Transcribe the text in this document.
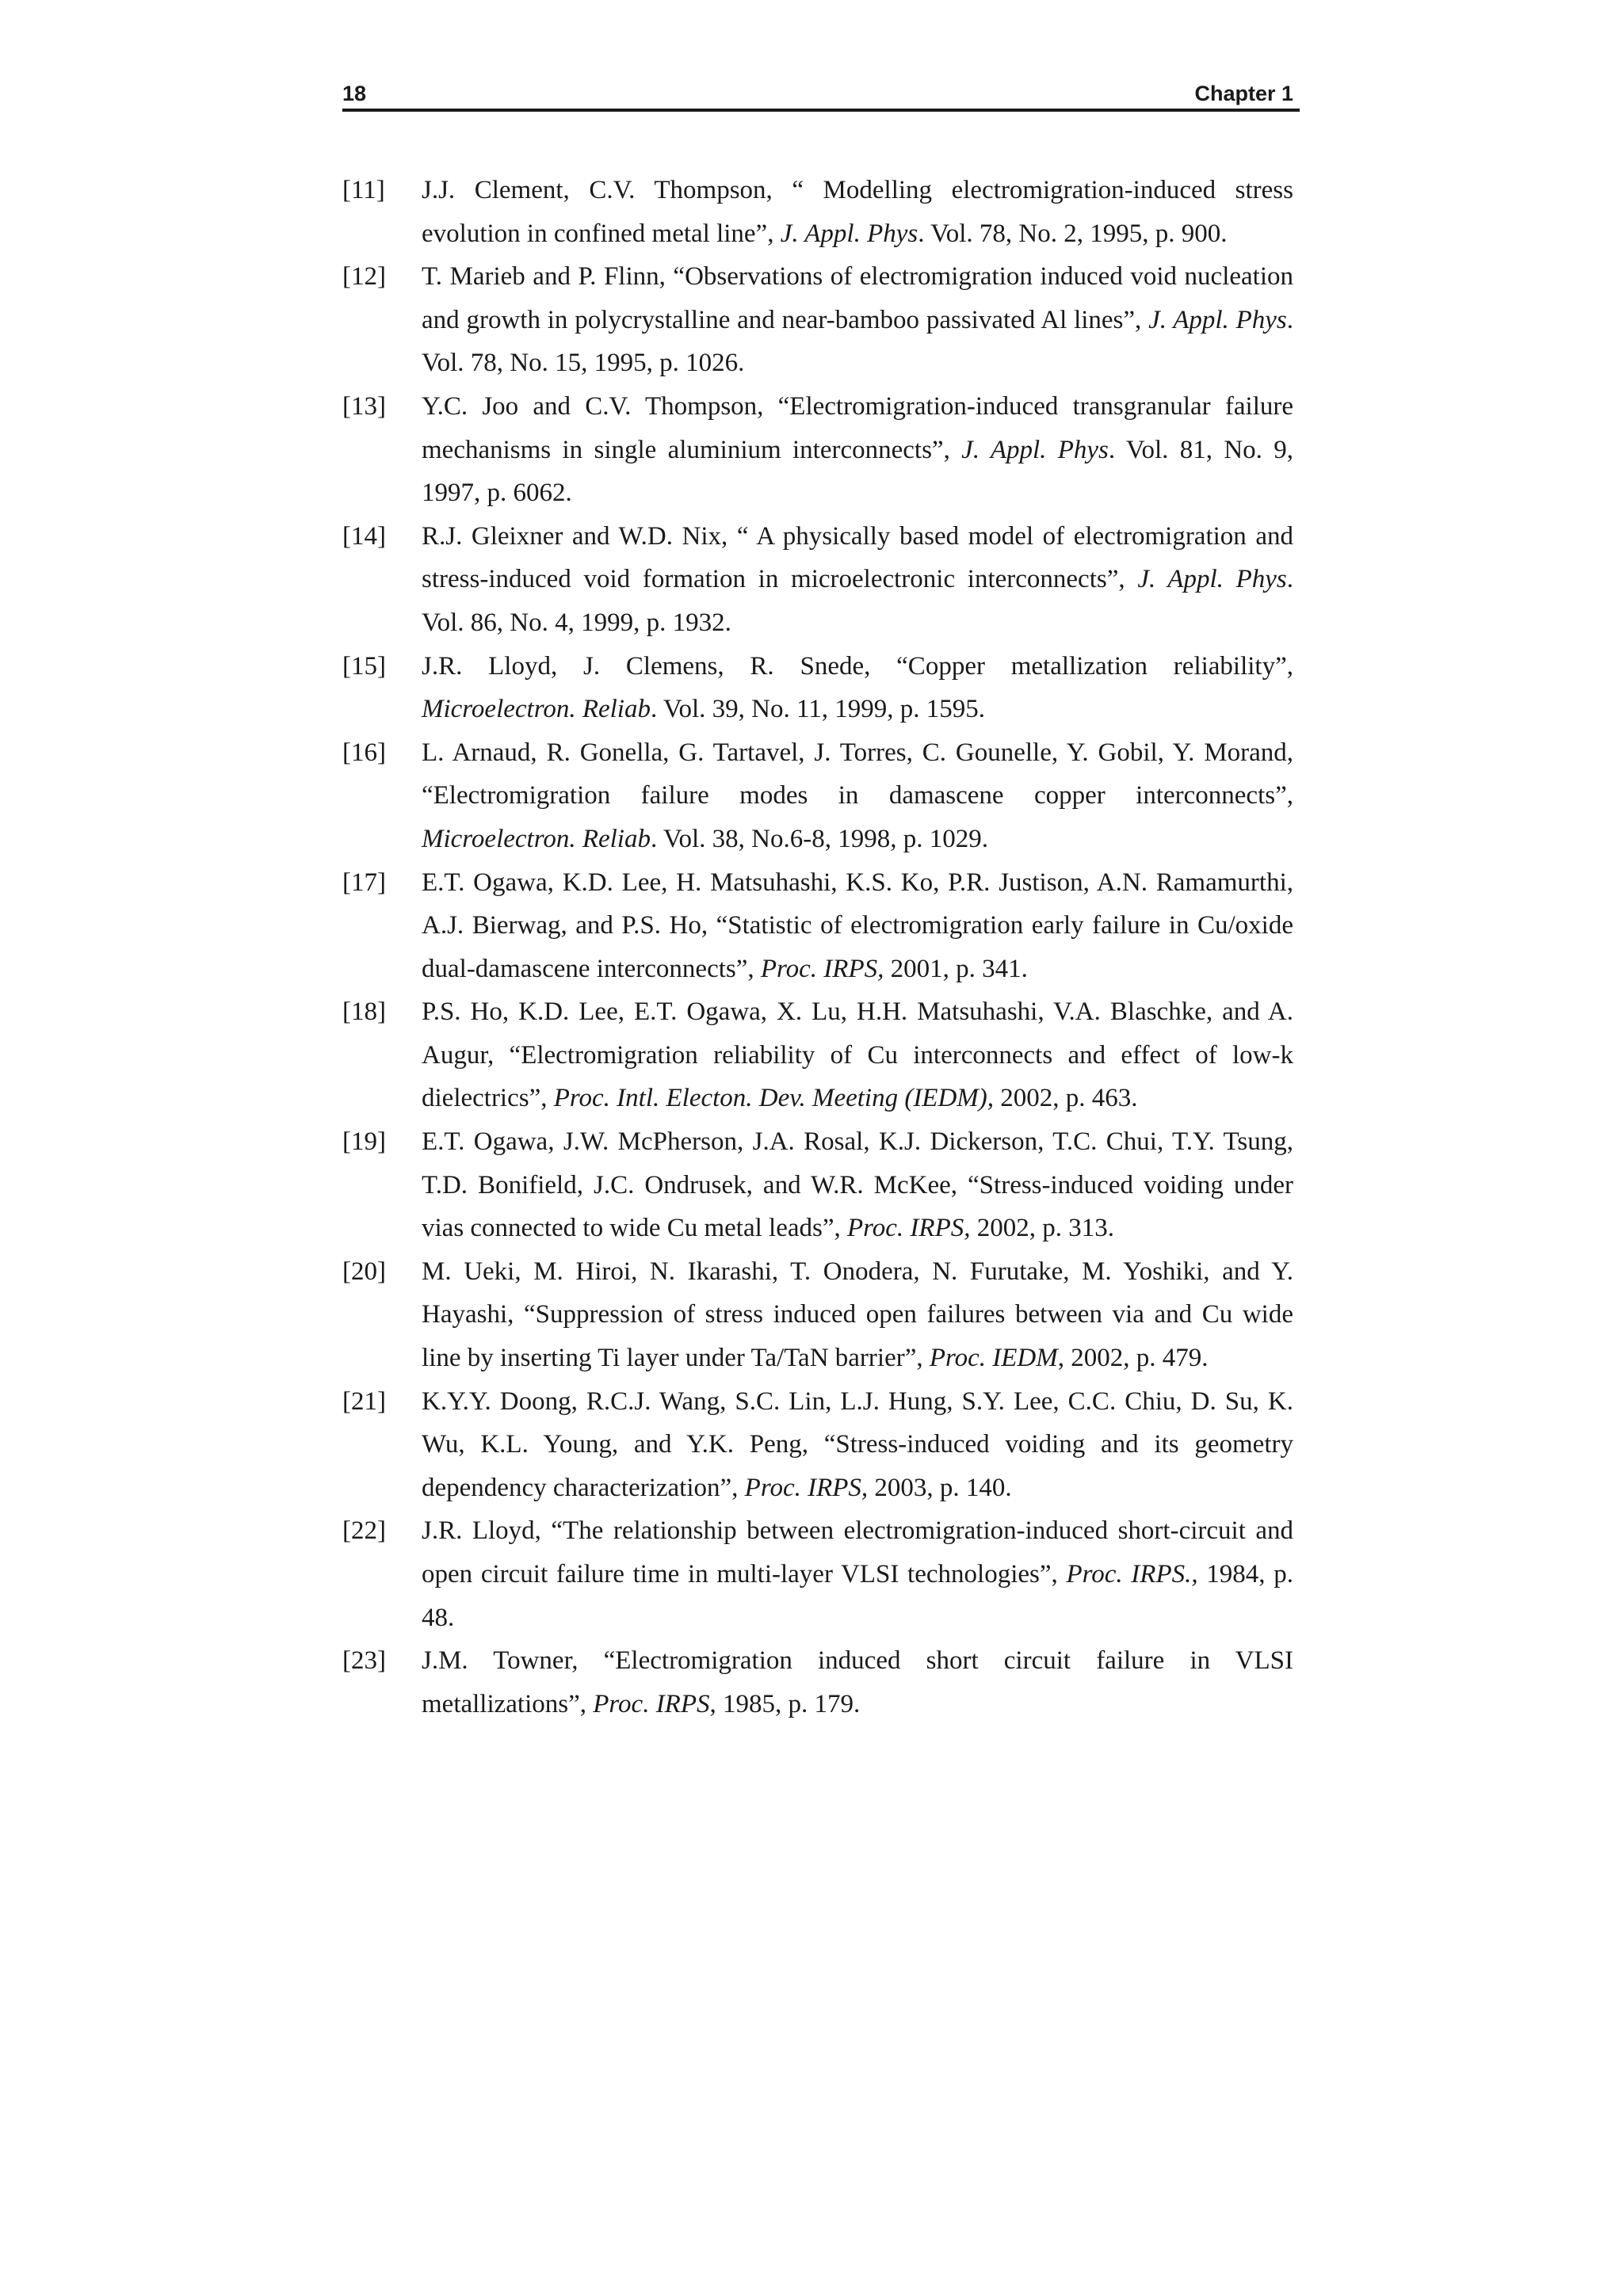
18	Chapter 1
[11] J.J. Clement, C.V. Thompson, “ Modelling electromigration-induced stress evolution in confined metal line”, J. Appl. Phys. Vol. 78, No. 2, 1995, p. 900.
[12] T. Marieb and P. Flinn, “Observations of electromigration induced void nucleation and growth in polycrystalline and near-bamboo passivated Al lines”, J. Appl. Phys. Vol. 78, No. 15, 1995, p. 1026.
[13] Y.C. Joo and C.V. Thompson, “Electromigration-induced transgranular failure mechanisms in single aluminium interconnects”, J. Appl. Phys. Vol. 81, No. 9, 1997, p. 6062.
[14] R.J. Gleixner and W.D. Nix, “ A physically based model of electromigration and stress-induced void formation in microelectronic interconnects”, J. Appl. Phys. Vol. 86, No. 4, 1999, p. 1932.
[15] J.R. Lloyd, J. Clemens, R. Snede, “Copper metallization reliability”, Microelectron. Reliab. Vol. 39, No. 11, 1999, p. 1595.
[16] L. Arnaud, R. Gonella, G. Tartavel, J. Torres, C. Gounelle, Y. Gobil, Y. Morand, “Electromigration failure modes in damascene copper interconnects”, Microelectron. Reliab. Vol. 38, No.6-8, 1998, p. 1029.
[17] E.T. Ogawa, K.D. Lee, H. Matsuhashi, K.S. Ko, P.R. Justison, A.N. Ramamurthi, A.J. Bierwag, and P.S. Ho, “Statistic of electromigration early failure in Cu/oxide dual-damascene interconnects”, Proc. IRPS, 2001, p. 341.
[18] P.S. Ho, K.D. Lee, E.T. Ogawa, X. Lu, H.H. Matsuhashi, V.A. Blaschke, and A. Augur, “Electromigration reliability of Cu interconnects and effect of low-k dielectrics”, Proc. Intl. Electon. Dev. Meeting (IEDM), 2002, p. 463.
[19] E.T. Ogawa, J.W. McPherson, J.A. Rosal, K.J. Dickerson, T.C. Chui, T.Y. Tsung, T.D. Bonifield, J.C. Ondrusek, and W.R. McKee, “Stress-induced voiding under vias connected to wide Cu metal leads”, Proc. IRPS, 2002, p. 313.
[20] M. Ueki, M. Hiroi, N. Ikarashi, T. Onodera, N. Furutake, M. Yoshiki, and Y. Hayashi, “Suppression of stress induced open failures between via and Cu wide line by inserting Ti layer under Ta/TaN barrier”, Proc. IEDM, 2002, p. 479.
[21] K.Y.Y. Doong, R.C.J. Wang, S.C. Lin, L.J. Hung, S.Y. Lee, C.C. Chiu, D. Su, K. Wu, K.L. Young, and Y.K. Peng, “Stress-induced voiding and its geometry dependency characterization”, Proc. IRPS, 2003, p. 140.
[22] J.R. Lloyd, “The relationship between electromigration-induced short-circuit and open circuit failure time in multi-layer VLSI technologies”, Proc. IRPS., 1984, p. 48.
[23] J.M. Towner, “Electromigration induced short circuit failure in VLSI metallizations”, Proc. IRPS, 1985, p. 179.
